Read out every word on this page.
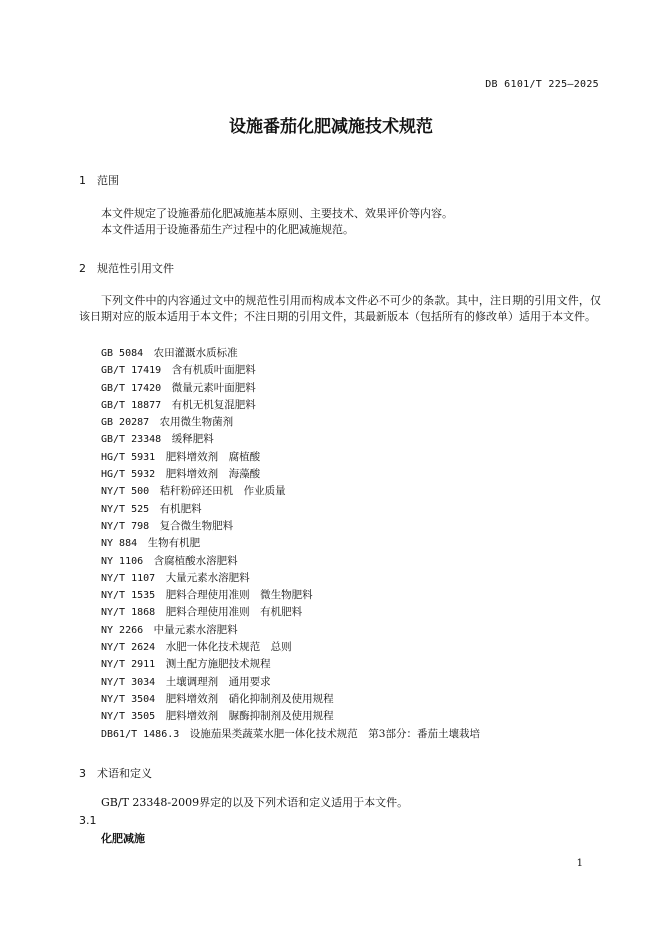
DB 6101/T 225—2025
设施番茄化肥减施技术规范
1 范围
本文件规定了设施番茄化肥减施基本原则、主要技术、效果评价等内容。
本文件适用于设施番茄生产过程中的化肥减施规范。
2 规范性引用文件
下列文件中的内容通过文中的规范性引用而构成本文件必不可少的条款。其中，注日期的引用文件，仅该日期对应的版本适用于本文件；不注日期的引用文件，其最新版本（包括所有的修改单）适用于本文件。
GB 5084　 农田灌溉水质标准
GB/T 17419　 含有机质叶面肥料
GB/T 17420　 微量元素叶面肥料
GB/T 18877　 有机无机复混肥料
GB 20287　 农用微生物菌剂
GB/T 23348　 缓释肥料
HG/T 5931　 肥料增效剂　腐植酸
HG/T 5932　 肥料增效剂　海藻酸
NY/T 500　 秸秆粉碎还田机　作业质量
NY/T 525　 有机肥料
NY/T 798　 复合微生物肥料
NY 884　 生物有机肥
NY 1106　 含腐植酸水溶肥料
NY/T 1107　 大量元素水溶肥料
NY/T 1535　 肥料合理使用准则　微生物肥料
NY/T 1868　 肥料合理使用准则　有机肥料
NY 2266　 中量元素水溶肥料
NY/T 2624　 水肥一体化技术规范　总则
NY/T 2911　 测土配方施肥技术规程
NY/T 3034　 土壤调理剂　通用要求
NY/T 3504　 肥料增效剂　硝化抑制剂及使用规程
NY/T 3505　 肥料增效剂　脲酶抑制剂及使用规程
DB61/T 1486.3　 设施茄果类蔬菜水肥一体化技术规范　第3部分：番茄土壤栽培
3 术语和定义
GB/T 23348-2009界定的以及下列术语和定义适用于本文件。
3.1
化肥减施
1
